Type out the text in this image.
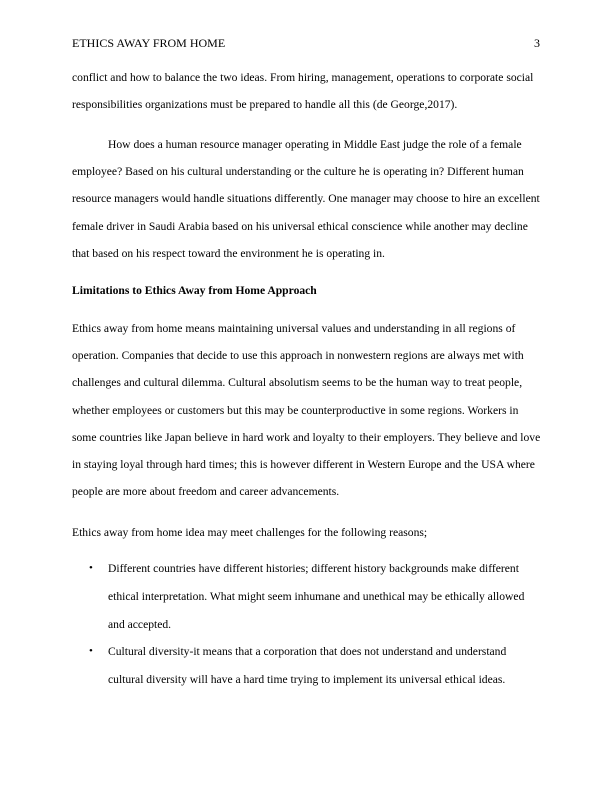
ETHICS AWAY FROM HOME	3

conflict and how to balance the two ideas. From hiring, management, operations to corporate social responsibilities organizations must be prepared to handle all this (de George,2017).

How does a human resource manager operating in Middle East judge the role of a female employee? Based on his cultural understanding or the culture he is operating in? Different human resource managers would handle situations differently. One manager may choose to hire an excellent female driver in Saudi Arabia based on his universal ethical conscience while another may decline that based on his respect toward the environment he is operating in.

Limitations to Ethics Away from Home Approach

Ethics away from home means maintaining universal values and understanding in all regions of operation. Companies that decide to use this approach in nonwestern regions are always met with challenges and cultural dilemma. Cultural absolutism seems to be the human way to treat people, whether employees or customers but this may be counterproductive in some regions. Workers in some countries like Japan believe in hard work and loyalty to their employers. They believe and love in staying loyal through hard times; this is however different in Western Europe and the USA where people are more about freedom and career advancements.

Ethics away from home idea may meet challenges for the following reasons;

• Different countries have different histories; different history backgrounds make different ethical interpretation. What might seem inhumane and unethical may be ethically allowed and accepted.
• Cultural diversity-it means that a corporation that does not understand and understand cultural diversity will have a hard time trying to implement its universal ethical ideas.
